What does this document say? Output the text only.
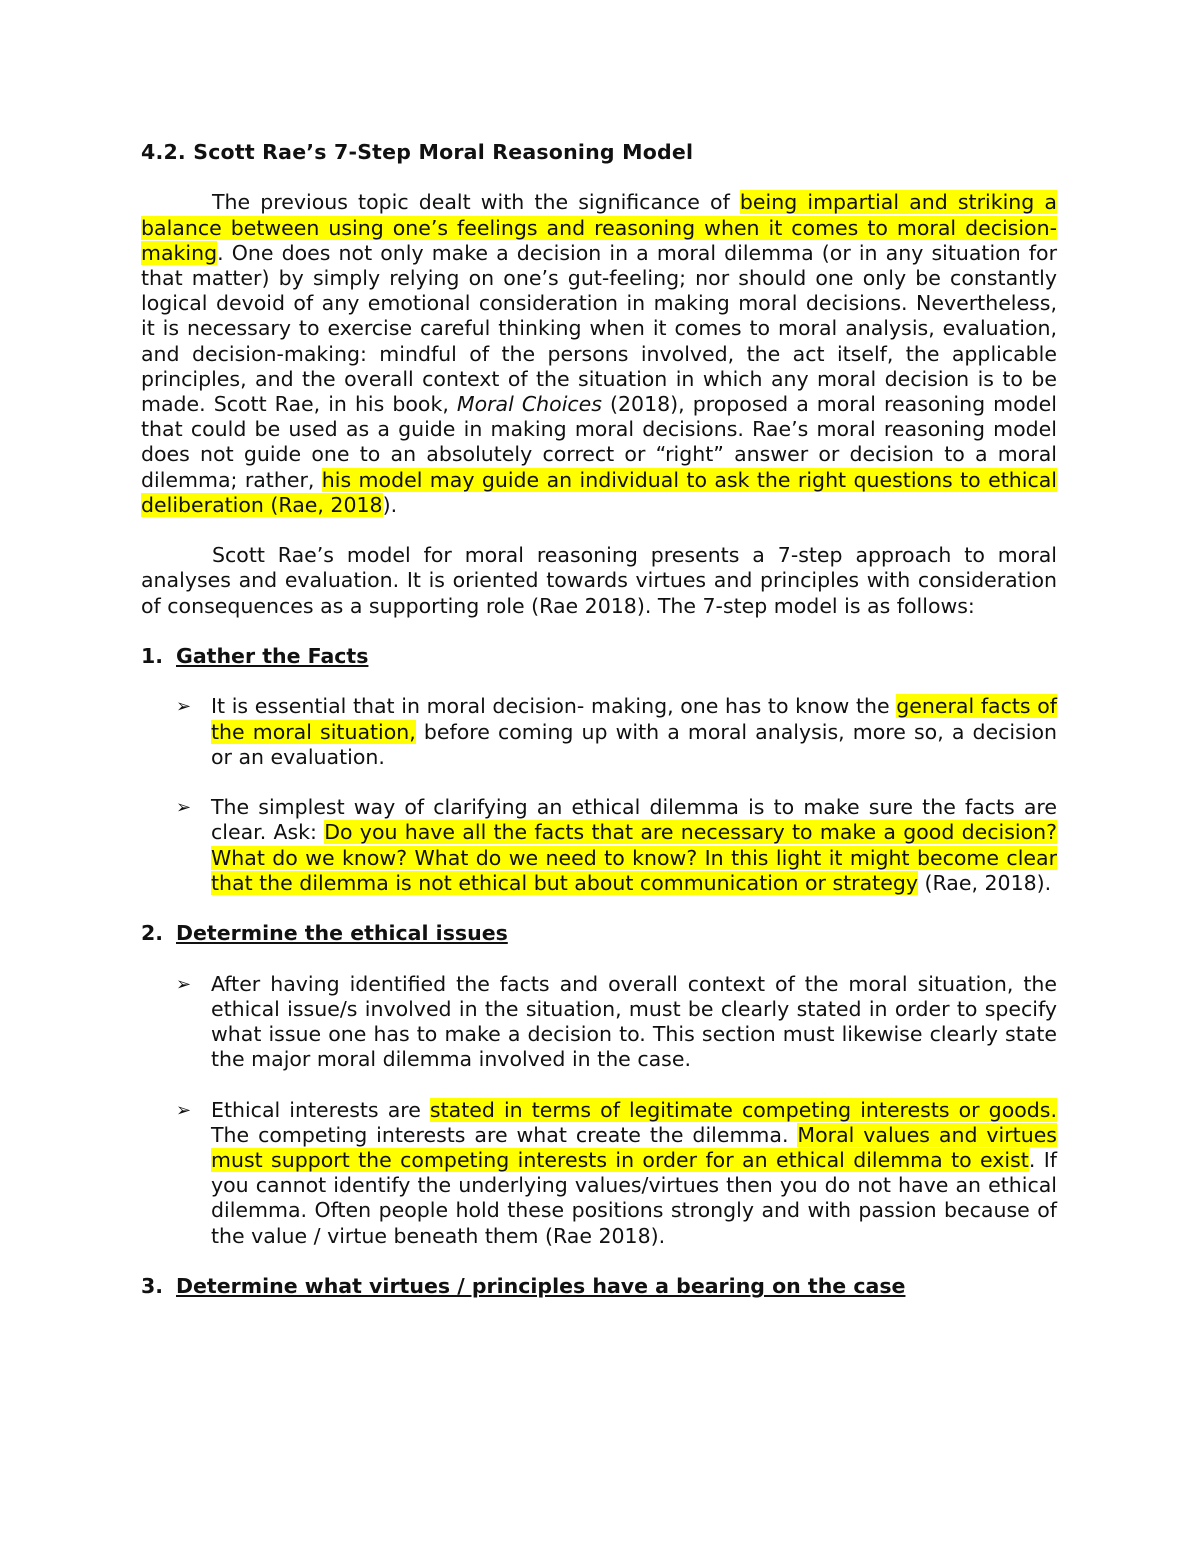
4.2. Scott Rae’s 7-Step Moral Reasoning Model

The previous topic dealt with the significance of being impartial and striking a balance between using one’s feelings and reasoning when it comes to moral decision-making. One does not only make a decision in a moral dilemma (or in any situation for that matter) by simply relying on one’s gut-feeling; nor should one only be constantly logical devoid of any emotional consideration in making moral decisions. Nevertheless, it is necessary to exercise careful thinking when it comes to moral analysis, evaluation, and decision-making: mindful of the persons involved, the act itself, the applicable principles, and the overall context of the situation in which any moral decision is to be made. Scott Rae, in his book, Moral Choices (2018), proposed a moral reasoning model that could be used as a guide in making moral decisions. Rae’s moral reasoning model does not guide one to an absolutely correct or “right” answer or decision to a moral dilemma; rather, his model may guide an individual to ask the right questions to ethical deliberation (Rae, 2018).

Scott Rae’s model for moral reasoning presents a 7-step approach to moral analyses and evaluation. It is oriented towards virtues and principles with consideration of consequences as a supporting role (Rae 2018). The 7-step model is as follows:

1. Gather the Facts

➢ It is essential that in moral decision- making, one has to know the general facts of the moral situation, before coming up with a moral analysis, more so, a decision or an evaluation.
➢ The simplest way of clarifying an ethical dilemma is to make sure the facts are clear. Ask: Do you have all the facts that are necessary to make a good decision? What do we know? What do we need to know? In this light it might become clear that the dilemma is not ethical but about communication or strategy (Rae, 2018).

2. Determine the ethical issues

➢ After having identified the facts and overall context of the moral situation, the ethical issue/s involved in the situation, must be clearly stated in order to specify what issue one has to make a decision to. This section must likewise clearly state the major moral dilemma involved in the case.
➢ Ethical interests are stated in terms of legitimate competing interests or goods. The competing interests are what create the dilemma. Moral values and virtues must support the competing interests in order for an ethical dilemma to exist. If you cannot identify the underlying values/virtues then you do not have an ethical dilemma. Often people hold these positions strongly and with passion because of the value / virtue beneath them (Rae 2018).

3. Determine what virtues / principles have a bearing on the case
